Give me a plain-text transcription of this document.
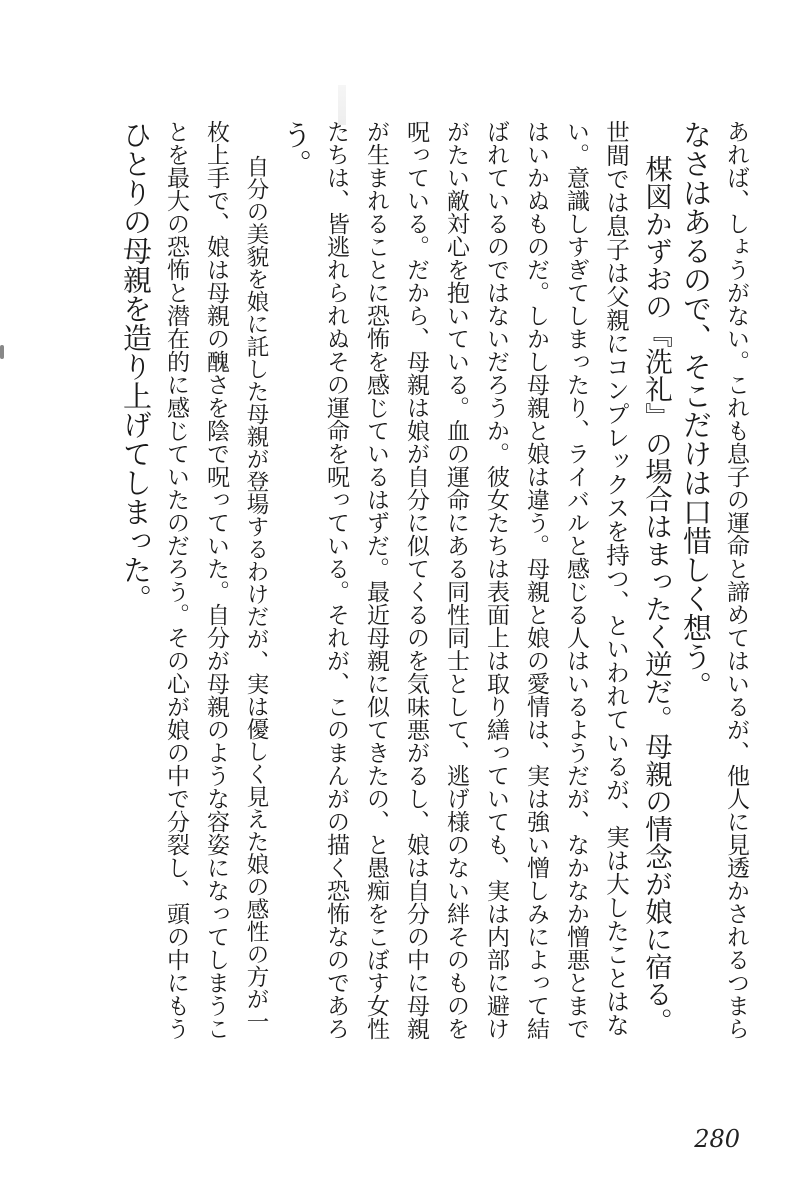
あれば、しょうがない。これも息子の運命と諦めてはいるが、他人に見透かされるつまら
なさはあるので、そこだけは口惜しく想う。
楳図かずおの『洗礼』の場合はまったく逆だ。母親の情念が娘に宿る。
世間では息子は父親にコンプレックスを持つ、といわれているが、実は大したことはな
い。意識しすぎてしまったり、ライバルと感じる人はいるようだが、なかなか憎悪とまで
はいかぬものだ。しかし母親と娘は違う。母親と娘の愛情は、実は強い憎しみによって結
ばれているのではないだろうか。彼女たちは表面上は取り繕っていても、実は内部に避け
がたい敵対心を抱いている。血の運命にある同性同士として、逃げ様のない絆そのものを
呪っている。だから、母親は娘が自分に似てくるのを気味悪がるし、娘は自分の中に母親
が生まれることに恐怖を感じているはずだ。最近母親に似てきたの、と愚痴をこぼす女性
たちは、皆逃れられぬその運命を呪っている。それが、このまんがの描く恐怖なのであろ
う。
自分の美貌を娘に託した母親が登場するわけだが、実は優しく見えた娘の感性の方が一
枚上手で、娘は母親の醜さを陰で呪っていた。自分が母親のような容姿になってしまうこ
とを最大の恐怖と潜在的に感じていたのだろう。その心が娘の中で分裂し、頭の中にもう
ひとりの母親を造り上げてしまった。
280
